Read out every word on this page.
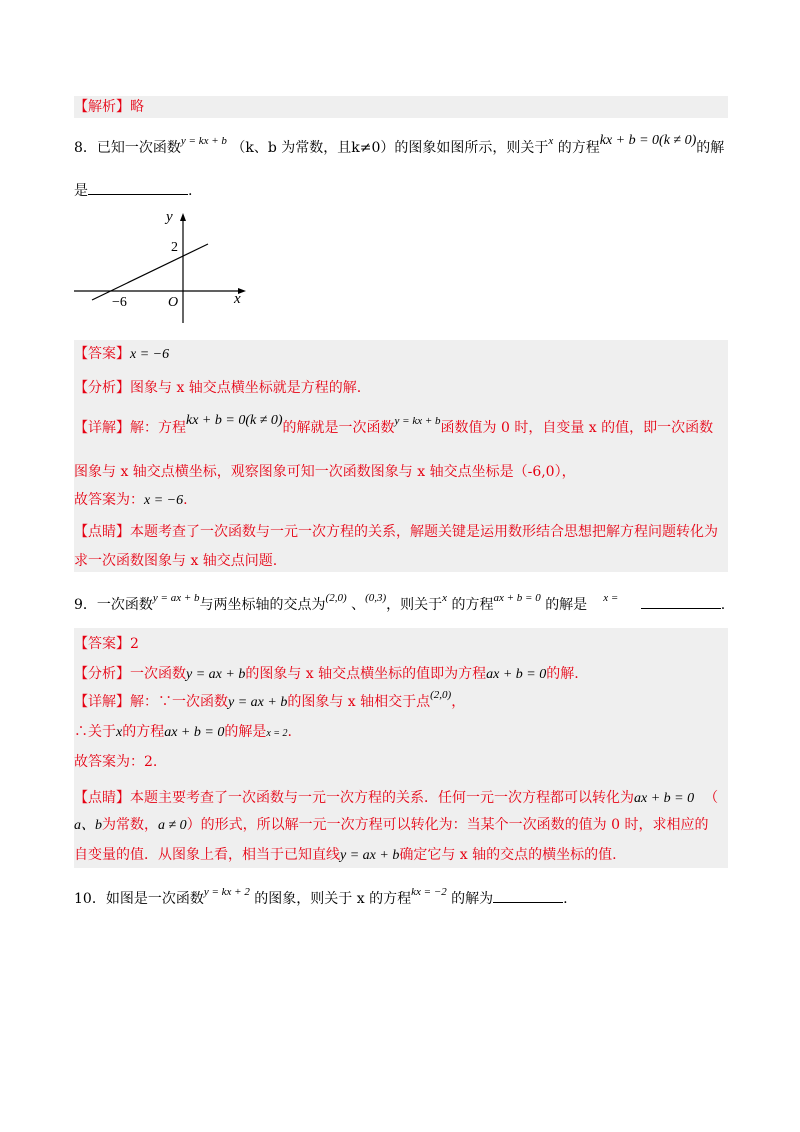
【解析】略
8．已知一次函数$^{y = kx + b}$ （k、b 为常数，且k≠0）的图象如图所示，则关于$^x$ 的方程kx + b = 0(k ≠ 0)的解
是	.
y
x
O
2
−6
【答案】x = −6
【分析】图象与 x 轴交点横坐标就是方程的解.
【详解】解：方程kx + b = 0(k ≠ 0)的解就是一次函数$^{y = kx + b}$函数值为 0 时，自变量 x 的值，即一次函数
图象与 x 轴交点横坐标，观察图象可知一次函数图象与 x 轴交点坐标是（-6,0），
故答案为：x = −6.
【点睛】本题考查了一次函数与一元一次方程的关系，解题关键是运用数形结合思想把解方程问题转化为
求一次函数图象与 x 轴交点问题.
9．一次函数$^{y = ax + b}$与两坐标轴的交点为$^{(2,0)}$ 、$^{(0,3)}$，则关于$^x$ 的方程$^{ax + b = 0}$ 的解是 $^{x =}$	.
【答案】2
【分析】一次函数y = ax + b的图象与 x 轴交点横坐标的值即为方程ax + b = 0的解.
【详解】解：∵一次函数y = ax + b的图象与 x 轴相交于点$^{(2,0)}$，
∴关于x的方程ax + b = 0的解是x = 2.
故答案为：2.
【点睛】本题主要考查了一次函数与一元一次方程的关系．任何一元一次方程都可以转化为ax + b = 0 （
a、b为常数，a ≠ 0）的形式，所以解一元一次方程可以转化为：当某个一次函数的值为 0 时，求相应的
自变量的值．从图象上看，相当于已知直线y = ax + b确定它与 x 轴的交点的横坐标的值.
10．如图是一次函数$^{y = kx + 2}$ 的图象，则关于 x 的方程$^{kx = -2}$ 的解为	.
